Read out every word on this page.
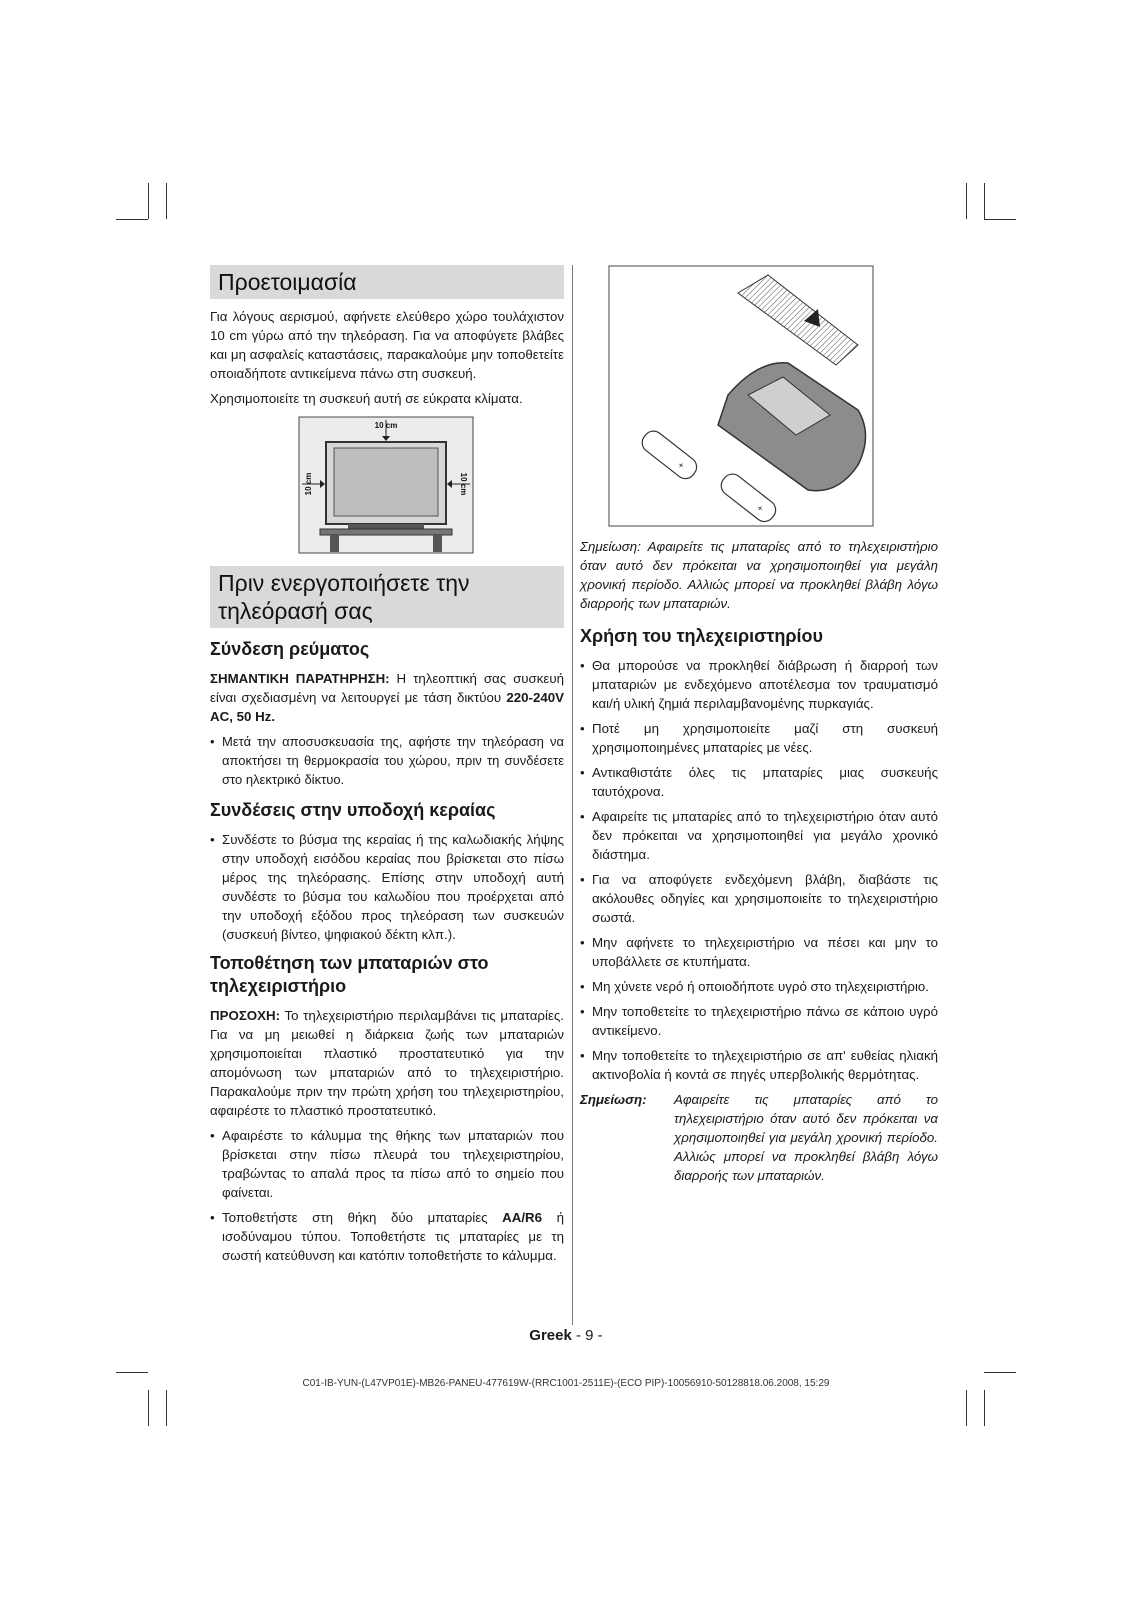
Προετοιμασία

Για λόγους αερισμού, αφήνετε ελεύθερο χώρο τουλάχιστον 10 cm γύρω από την τηλεόραση. Για να αποφύγετε βλάβες και μη ασφαλείς καταστάσεις, παρακαλούμε μην τοποθετείτε οποιαδήποτε αντικείμενα πάνω στη συσκευή.

Χρησιμοποιείτε τη συσκευή αυτή σε εύκρατα κλίματα.

10 cm
10 cm	10 cm
Πριν ενεργοποιήσετε την τηλεόρασή σας
Σύνδεση ρεύματος

ΣΗΜΑΝΤΙΚΗ ΠΑΡΑΤΗΡΗΣΗ: Η τηλεοπτική σας συσκευή είναι σχεδιασμένη να λειτουργεί με τάση δικτύου 220-240V AC, 50 Hz.

• Μετά την αποσυσκευασία της, αφήστε την τηλεόραση να αποκτήσει τη θερμοκρασία του χώρου, πριν τη συνδέσετε στο ηλεκτρικό δίκτυο.
Συνδέσεις στην υποδοχή κεραίας
• Συνδέστε το βύσμα της κεραίας ή της καλωδιακής λήψης στην υποδοχή εισόδου κεραίας που βρίσκεται στο πίσω μέρος της τηλεόρασης. Επίσης στην υποδοχή αυτή συνδέστε το βύσμα του καλωδίου που προέρχεται από την υποδοχή εξόδου προς τηλεόραση των συσκευών (συσκευή βίντεο, ψηφιακού δέκτη κλπ.).
Τοποθέτηση των μπαταριών στο τηλεχειριστήριο

ΠΡΟΣΟΧΗ: Το τηλεχειριστήριο περιλαμβάνει τις μπαταρίες. Για να μη μειωθεί η διάρκεια ζωής των μπαταριών χρησιμοποιείται πλαστικό προστατευτικό για την απομόνωση των μπαταριών από το τηλεχειριστήριο. Παρακαλούμε πριν την πρώτη χρήση του τηλεχειριστηρίου, αφαιρέστε το πλαστικό προστατευτικό.

• Αφαιρέστε το κάλυμμα της θήκης των μπαταριών που βρίσκεται στην πίσω πλευρά του τηλεχειριστηρίου, τραβώντας το απαλά προς τα πίσω από το σημείο που φαίνεται.
• Τοποθετήστε στη θήκη δύο μπαταρίες AA/R6 ή ισοδύναμου τύπου. Τοποθετήστε τις μπαταρίες με τη σωστή κατεύθυνση και κατόπιν τοποθετήστε το κάλυμμα.
+
+

Σημείωση: Αφαιρείτε τις μπαταρίες από το τηλεχειριστήριο όταν αυτό δεν πρόκειται να χρησιμοποιηθεί για μεγάλη χρονική περίοδο. Αλλιώς μπορεί να προκληθεί βλάβη λόγω διαρροής των μπαταριών.

Χρήση του τηλεχειριστηρίου
• Θα μπορούσε να προκληθεί διάβρωση ή διαρροή των μπαταριών με ενδεχόμενο αποτέλεσμα τον τραυματισμό και/ή υλική ζημιά περιλαμβανομένης πυρκαγιάς.
• Ποτέ μη χρησιμοποιείτε μαζί στη συσκευή χρησιμοποιημένες μπαταρίες με νέες.
• Αντικαθιστάτε όλες τις μπαταρίες μιας συσκευής ταυτόχρονα.
• Αφαιρείτε τις μπαταρίες από το τηλεχειριστήριο όταν αυτό δεν πρόκειται να χρησιμοποιηθεί για μεγάλο χρονικό διάστημα.
• Για να αποφύγετε ενδεχόμενη βλάβη, διαβάστε τις ακόλουθες οδηγίες και χρησιμοποιείτε το τηλεχειριστήριο σωστά.
• Μην αφήνετε το τηλεχειριστήριο να πέσει και μην το υποβάλλετε σε κτυπήματα.
• Μη χύνετε νερό ή οποιοδήποτε υγρό στο τηλεχειριστήριο.
• Μην τοποθετείτε το τηλεχειριστήριο πάνω σε κάποιο υγρό αντικείμενο.
• Μην τοποθετείτε το τηλεχειριστήριο σε απ' ευθείας ηλιακή ακτινοβολία ή κοντά σε πηγές υπερβολικής θερμότητας.
Σημείωση:	Αφαιρείτε τις μπαταρίες από το τηλεχειριστήριο όταν αυτό δεν πρόκειται να χρησιμοποιηθεί για μεγάλη χρονική περίοδο. Αλλιώς μπορεί να προκληθεί βλάβη λόγω διαρροής των μπαταριών.
Greek - 9 -
C01-IB-YUN-(L47VP01E)-MB26-PANEU-477619W-(RRC1001-2511E)-(ECO PIP)-10056910-50128818.06.2008, 15:29
